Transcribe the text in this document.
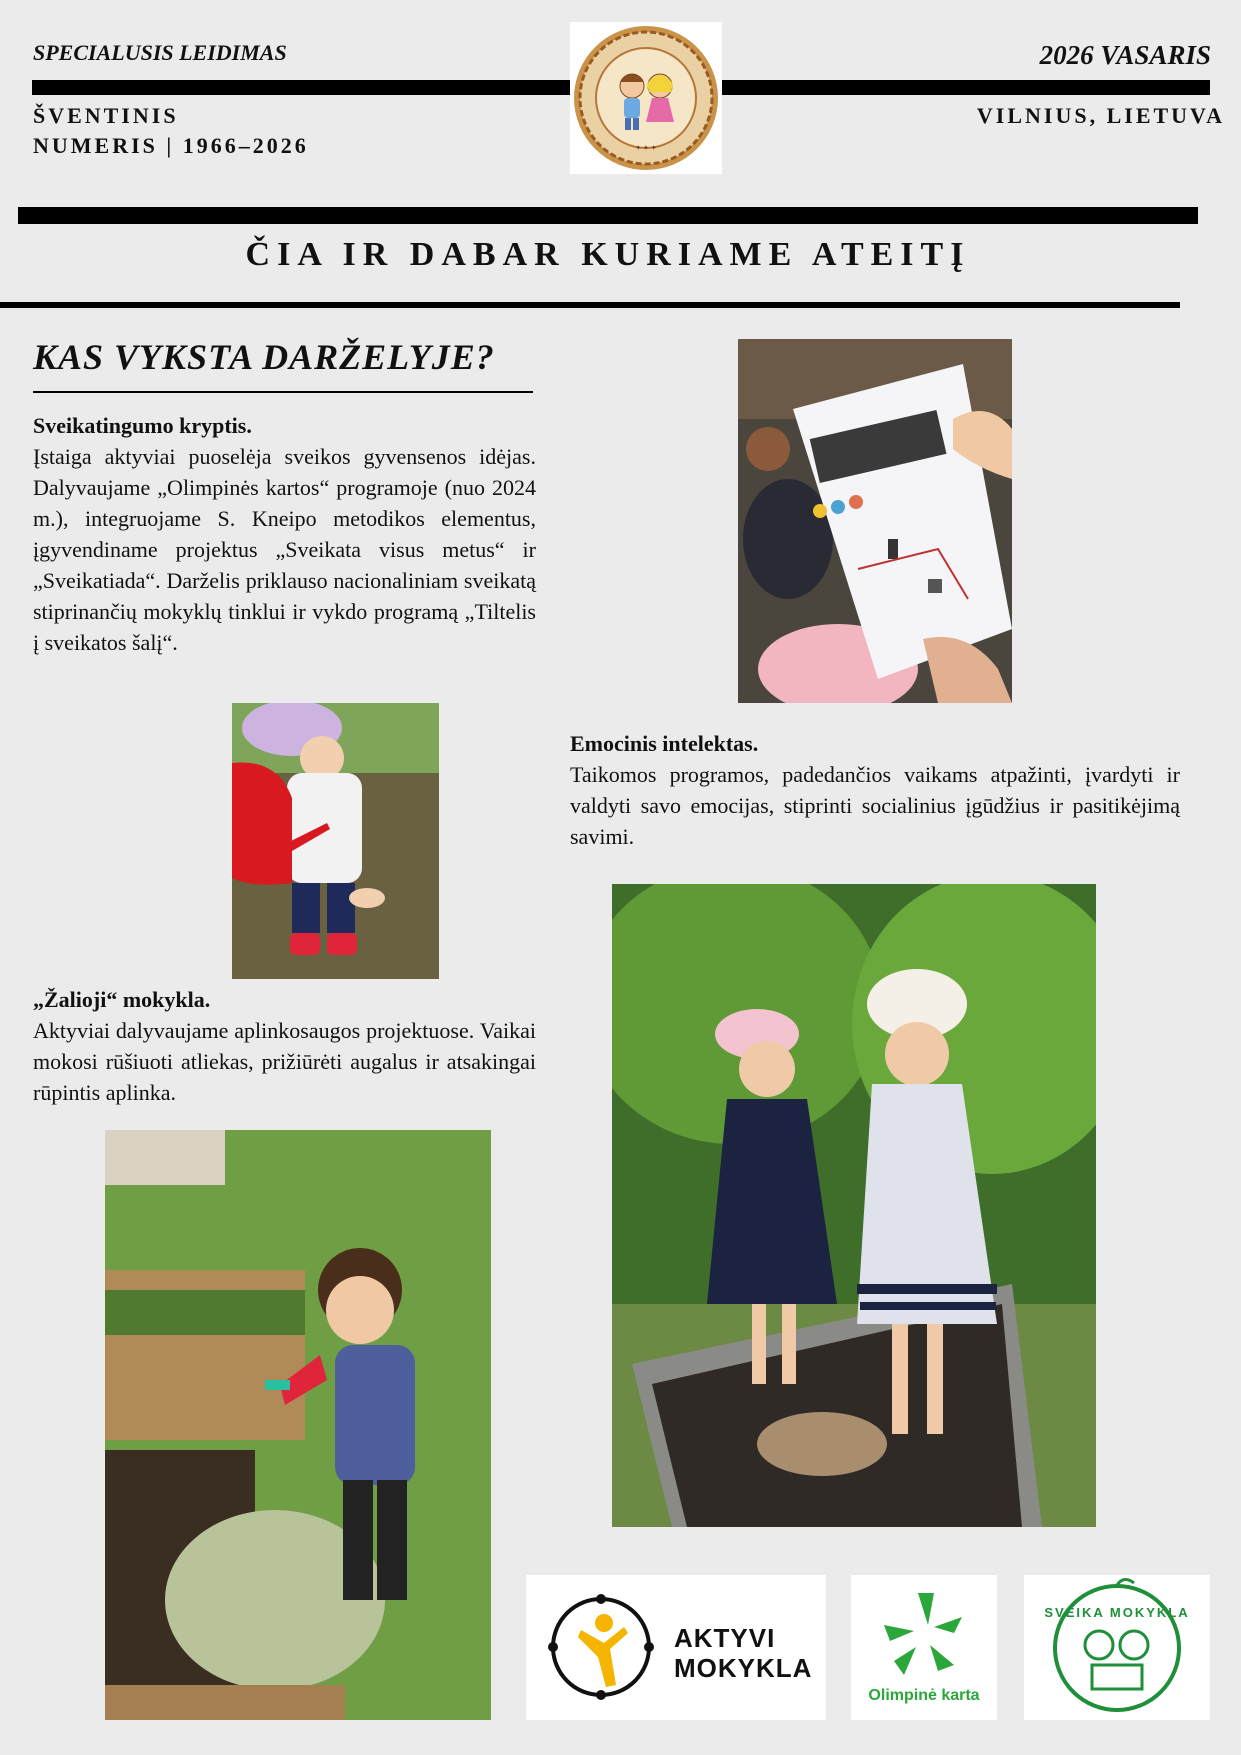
SPECIALUSIS LEIDIMAS	2026 VASARIS
ŠVENTINIS
NUMERIS | 1966–2026
VILNIUS, LIETUVA
✦ ✦ ✦
ČIA IR DABAR KURIAME ATEITĮ
KAS VYKSTA DARŽELYJE?
Sveikatingumo kryptis.
Įstaiga aktyviai puoselėja sveikos gyvensenos idėjas. Dalyvaujame „Olimpinės kartos“ programoje (nuo 2024 m.), integruojame S. Kneipo metodikos elementus, įgyvendiname projektus „Sveikata visus metus“ ir „Sveikatiada“. Darželis priklauso nacionaliniam sveikatą stiprinančių mokyklų tinklui ir vykdo programą „Tiltelis į sveikatos šalį“.
„Žalioji“ mokykla.
Aktyviai dalyvaujame aplinkosaugos projektuose. Vaikai mokosi rūšiuoti atliekas, prižiūrėti augalus ir atsakingai rūpintis aplinka.
Emocinis intelektas.
Taikomos programos, padedančios vaikams atpažinti, įvardyti ir valdyti savo emocijas, stiprinti socialinius įgūdžius ir pasitikėjimą savimi.
AKTYVI
MOKYKLA
Olimpinė karta
SVEIKA MOKYKLA
